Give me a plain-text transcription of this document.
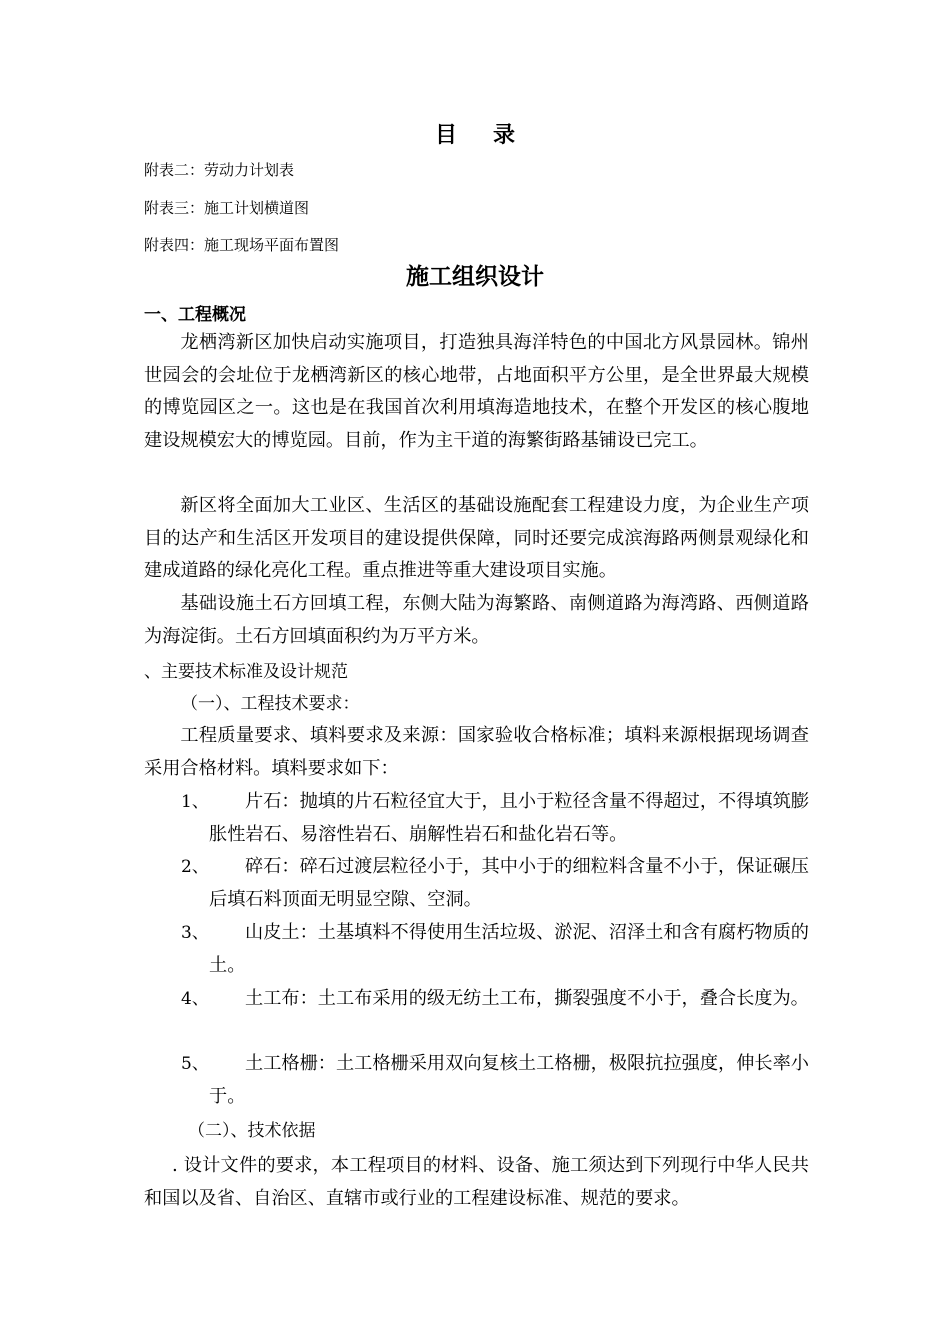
目录
附表二：劳动力计划表
附表三：施工计划横道图
附表四：施工现场平面布置图
施工组织设计
一、工程概况
龙栖湾新区加快启动实施项目，打造独具海洋特色的中国北方风景园林。锦州世园会的会址位于龙栖湾新区的核心地带，占地面积平方公里，是全世界最大规模的博览园区之一。这也是在我国首次利用填海造地技术，在整个开发区的核心腹地建设规模宏大的博览园。目前，作为主干道的海繁街路基铺设已完工。
新区将全面加大工业区、生活区的基础设施配套工程建设力度，为企业生产项目的达产和生活区开发项目的建设提供保障，同时还要完成滨海路两侧景观绿化和建成道路的绿化亮化工程。重点推进等重大建设项目实施。
基础设施土石方回填工程，东侧大陆为海繁路、南侧道路为海湾路、西侧道路为海淀街。土石方回填面积约为万平方米。
、主要技术标准及设计规范
（一）、工程技术要求：
工程质量要求、填料要求及来源：国家验收合格标准；填料来源根据现场调查采用合格材料。填料要求如下：
1、	片石：抛填的片石粒径宜大于，且小于粒径含量不得超过，不得填筑膨胀性岩石、易溶性岩石、崩解性岩石和盐化岩石等。
2、	碎石：碎石过渡层粒径小于，其中小于的细粒料含量不小于，保证碾压后填石料顶面无明显空隙、空洞。
3、	山皮土：土基填料不得使用生活垃圾、淤泥、沼泽土和含有腐朽物质的土。
4、	土工布：土工布采用的级无纺土工布，撕裂强度不小于，叠合长度为。
5、	土工格栅：土工格栅采用双向复核土工格栅，极限抗拉强度，伸长率小于。
（二）、技术依据
. 设计文件的要求，本工程项目的材料、设备、施工须达到下列现行中华人民共和国以及省、自治区、直辖市或行业的工程建设标准、规范的要求。
